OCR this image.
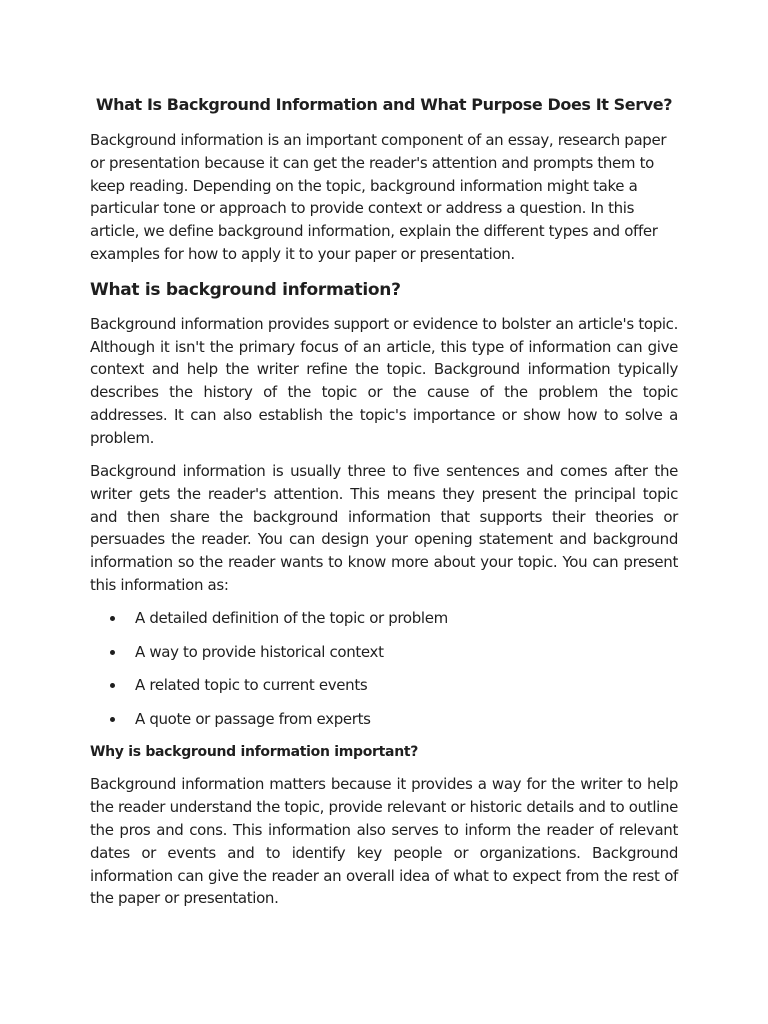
What Is Background Information and What Purpose Does It Serve?

Background information is an important component of an essay, research paper or presentation because it can get the reader's attention and prompts them to keep reading. Depending on the topic, background information might take a particular tone or approach to provide context or address a question. In this article, we define background information, explain the different types and offer examples for how to apply it to your paper or presentation.

What is background information?

Background information provides support or evidence to bolster an article's topic. Although it isn't the primary focus of an article, this type of information can give context and help the writer refine the topic. Background information typically describes the history of the topic or the cause of the problem the topic addresses. It can also establish the topic's importance or show how to solve a problem.

Background information is usually three to five sentences and comes after the writer gets the reader's attention. This means they present the principal topic and then share the background information that supports their theories or persuades the reader. You can design your opening statement and background information so the reader wants to know more about your topic. You can present this information as:

A detailed definition of the topic or problem
A way to provide historical context
A related topic to current events
A quote or passage from experts
Why is background information important?

Background information matters because it provides a way for the writer to help the reader understand the topic, provide relevant or historic details and to outline the pros and cons. This information also serves to inform the reader of relevant dates or events and to identify key people or organizations. Background information can give the reader an overall idea of what to expect from the rest of the paper or presentation.
